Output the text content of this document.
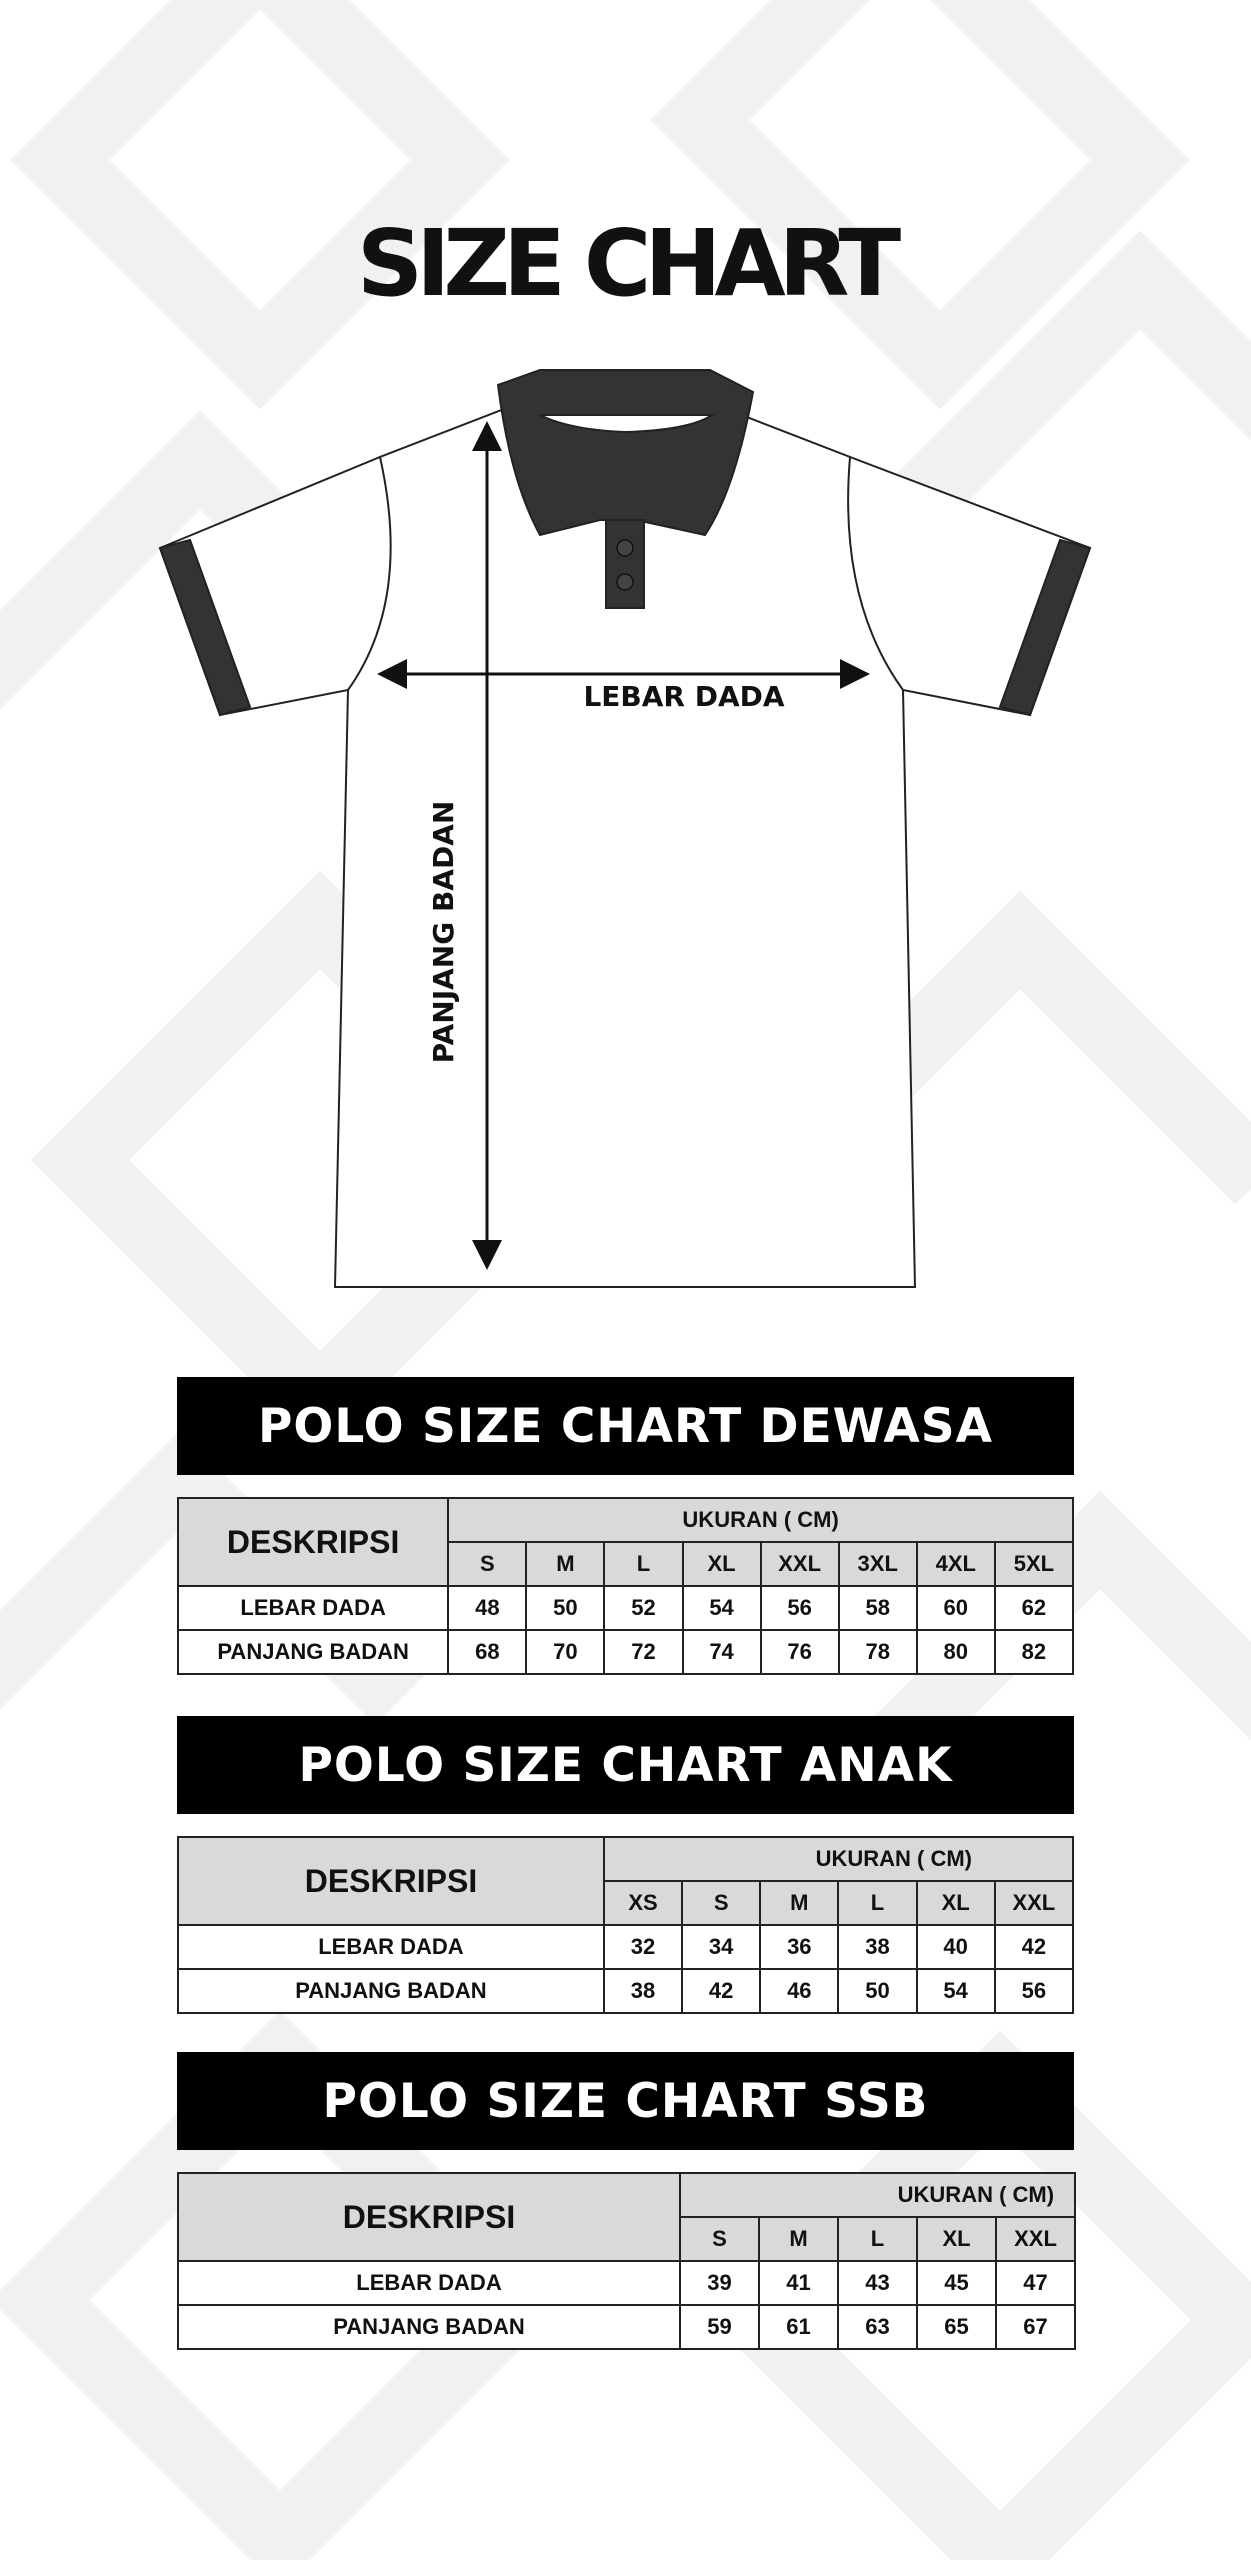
SIZE CHART
LEBAR DADA
PANJANG BADAN
POLO SIZE CHART DEWASA
DESKRIPSI	UKURAN ( CM)							
	S	M	L	XL	XXL	3XL	4XL	5XL
LEBAR DADA	48	50	52	54	56	58	60	62
PANJANG BADAN	68	70	72	74	76	78	80	82
POLO SIZE CHART ANAK
DESKRIPSI	UKURAN ( CM)					
	XS	S	M	L	XL	XXL
LEBAR DADA	32	34	36	38	40	42
PANJANG BADAN	38	42	46	50	54	56
POLO SIZE CHART SSB
DESKRIPSI	UKURAN ( CM)				
	S	M	L	XL	XXL
LEBAR DADA	39	41	43	45	47
PANJANG BADAN	59	61	63	65	67
